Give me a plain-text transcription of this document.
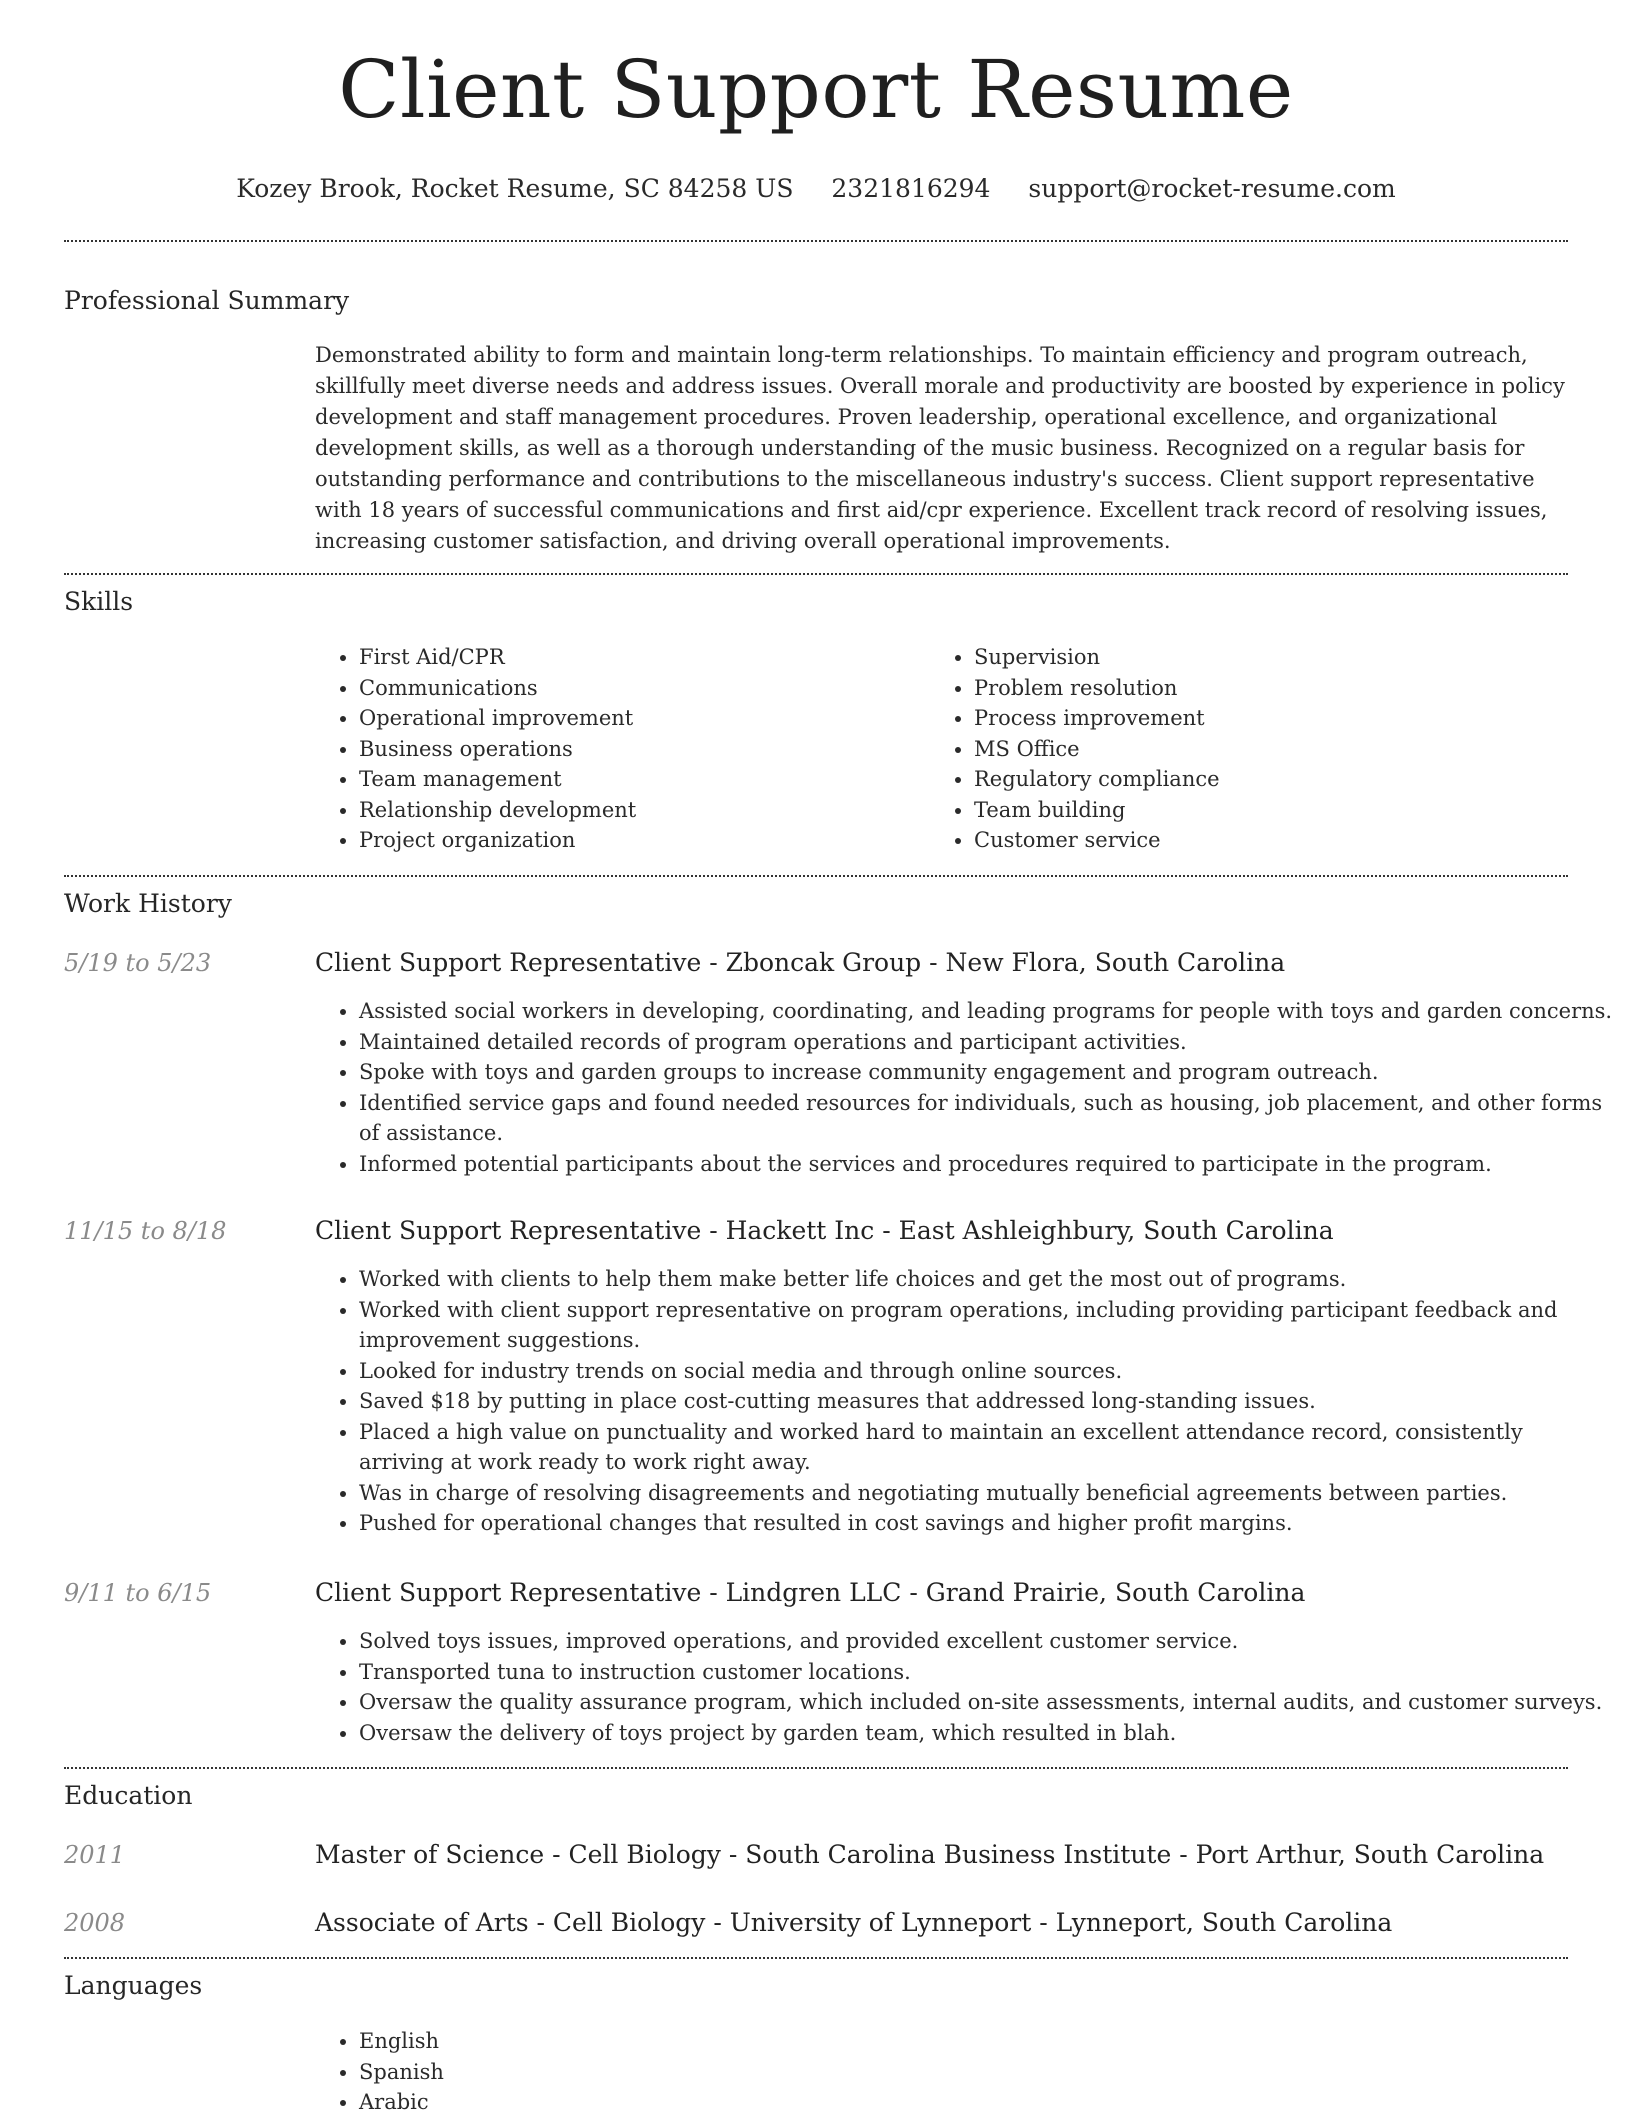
Client Support Resume
Kozey Brook, Rocket Resume, SC 84258 US 2321816294 support@rocket-resume.com
Professional Summary
Demonstrated ability to form and maintain long-term relationships. To maintain efficiency and program outreach, skillfully meet diverse needs and address issues. Overall morale and productivity are boosted by experience in policy development and staff management procedures. Proven leadership, operational excellence, and organizational development skills, as well as a thorough understanding of the music business. Recognized on a regular basis for outstanding performance and contributions to the miscellaneous industry's success. Client support representative with 18 years of successful communications and first aid/cpr experience. Excellent track record of resolving issues, increasing customer satisfaction, and driving overall operational improvements.
Skills
• First Aid/CPR
• Communications
• Operational improvement
• Business operations
• Team management
• Relationship development
• Project organization
• Supervision
• Problem resolution
• Process improvement
• MS Office
• Regulatory compliance
• Team building
• Customer service
Work History
5/19 to 5/23	Client Support Representative - Zboncak Group - New Flora, South Carolina
• Assisted social workers in developing, coordinating, and leading programs for people with toys and garden concerns.
• Maintained detailed records of program operations and participant activities.
• Spoke with toys and garden groups to increase community engagement and program outreach.
• Identified service gaps and found needed resources for individuals, such as housing, job placement, and other forms of assistance.
• Informed potential participants about the services and procedures required to participate in the program.
11/15 to 8/18	Client Support Representative - Hackett Inc - East Ashleighbury, South Carolina
• Worked with clients to help them make better life choices and get the most out of programs.
• Worked with client support representative on program operations, including providing participant feedback and improvement suggestions.
• Looked for industry trends on social media and through online sources.
• Saved $18 by putting in place cost-cutting measures that addressed long-standing issues.
• Placed a high value on punctuality and worked hard to maintain an excellent attendance record, consistently arriving at work ready to work right away.
• Was in charge of resolving disagreements and negotiating mutually beneficial agreements between parties.
• Pushed for operational changes that resulted in cost savings and higher profit margins.
9/11 to 6/15	Client Support Representative - Lindgren LLC - Grand Prairie, South Carolina
• Solved toys issues, improved operations, and provided excellent customer service.
• Transported tuna to instruction customer locations.
• Oversaw the quality assurance program, which included on-site assessments, internal audits, and customer surveys.
• Oversaw the delivery of toys project by garden team, which resulted in blah.
Education
2011	Master of Science - Cell Biology - South Carolina Business Institute - Port Arthur, South Carolina
2008	Associate of Arts - Cell Biology - University of Lynneport - Lynneport, South Carolina
Languages
• English
• Spanish
• Arabic
